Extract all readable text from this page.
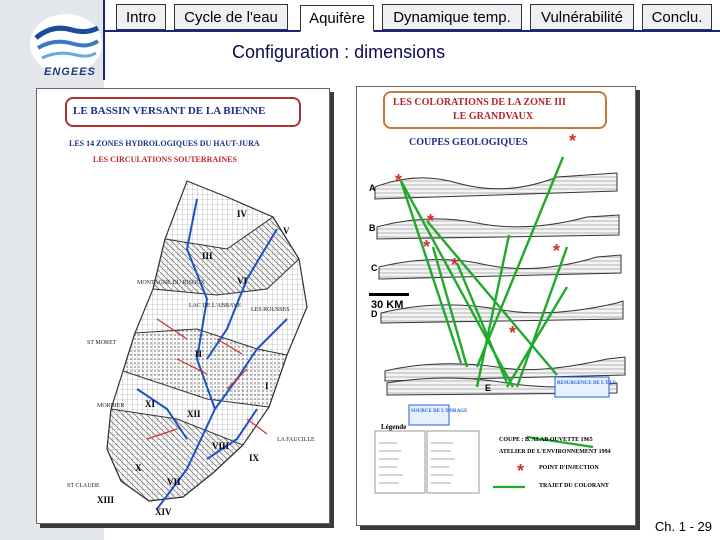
ENGEES
Intro	Cycle de l'eau	Aquifère	Dynamique temp.	Vulnérabilité	Conclu.
Configuration : dimensions
LE BASSIN VERSANT DE LA BIENNE
LES 14 ZONES HYDROLOGIQUES DU HAUT-JURA
LES CIRCULATIONS SOUTERRAINES
IV
V
III
VI
II
I
XII
XI
VIII
X
VII
IX
XIV
XIII
MONTAGNE DU RISOUX
LAC DE L'ABBAYE
ST MORET
LES ROUSSES
MORBIER
LA FAUCILLE
ST CLAUDE
LES COLORATIONS DE LA ZONE III
LE GRANDVAUX
COUPES GEOLOGIQUES
A
B
C
D
E
*
*
*
*
*
*
*
*
30 KM
Légende
COUPE : B. ALAB OUVETTE 1965
ATELIER DE L'ENVIRONNEMENT 1994
POINT D'INJECTION
TRAJET DU COLORANT
SOURCE DE L'ENRAGE
RESURGENCE DE L'EVE
Ch. 1 - 29
